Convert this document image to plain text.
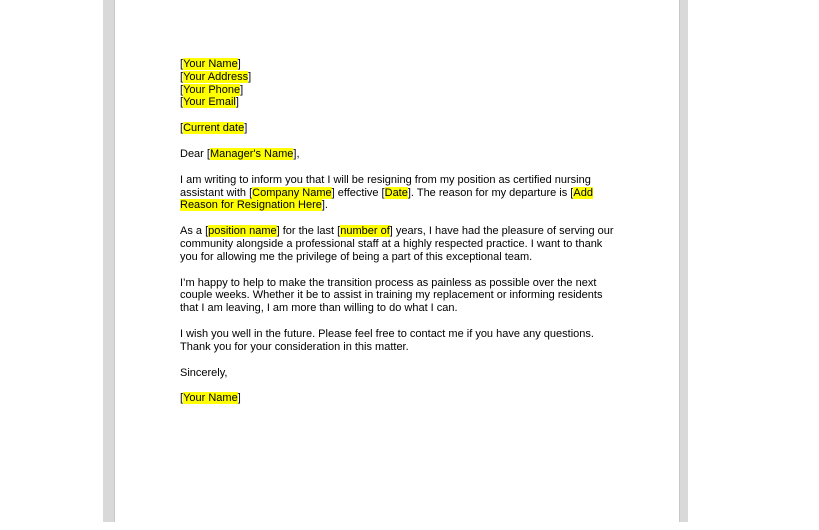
[Your Name]
[Your Address]
[Your Phone]
[Your Email]

[Current date]

Dear [Manager's Name],

I am writing to inform you that I will be resigning from my position as certified nursing assistant with [Company Name] effective [Date]. The reason for my departure is [Add Reason for Resignation Here].

As a [position name] for the last [number of] years, I have had the pleasure of serving our community alongside a professional staff at a highly respected practice. I want to thank you for allowing me the privilege of being a part of this exceptional team.

I’m happy to help to make the transition process as painless as possible over the next couple weeks. Whether it be to assist in training my replacement or informing residents that I am leaving, I am more than willing to do what I can.

I wish you well in the future. Please feel free to contact me if you have any questions. Thank you for your consideration in this matter.

Sincerely,

[Your Name]
